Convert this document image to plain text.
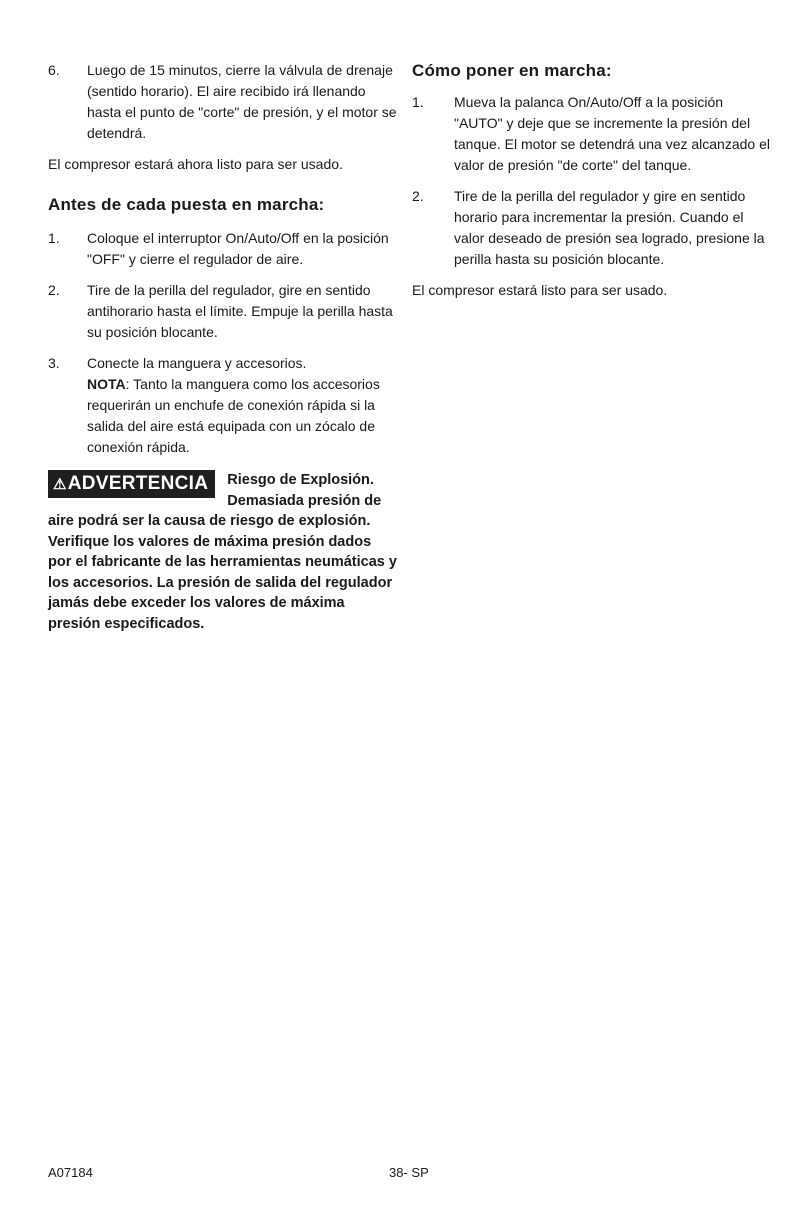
6.	Luego de 15 minutos, cierre la válvula de drenaje (sentido horario). El aire recibido irá llenando hasta el punto de "corte" de presión, y el motor se detendrá.

El compresor estará ahora listo para ser usado.

Antes de cada puesta en marcha:
1.	Coloque el interruptor On/Auto/Off en la posición "OFF" y cierre el regulador de aire.
2.	Tire de la perilla del regulador, gire en sentido antihorario hasta el límite. Empuje la perilla hasta su posición blocante.
3.	Conecte la manguera y accesorios.
NOTA: Tanto la manguera como los accesorios requerirán un enchufe de conexión rápida si la salida del aire está equipada con un zócalo de conexión rápida.
⚠ADVERTENCIA	Riesgo de Explosión. Demasiada presión de aire podrá ser la causa de riesgo de explosión. Verifique los valores de máxima presión dados por el fabricante de las herramientas neumáticas y los accesorios. La presión de salida del regulador jamás debe exceder los valores de máxima presión especificados.
Cómo poner en marcha:
1.	Mueva la palanca On/Auto/Off a la posición "AUTO" y deje que se incremente la presión del tanque. El motor se detendrá una vez alcanzado el valor de presión "de corte" del tanque.
2.	Tire de la perilla del regulador y gire en sentido horario para incrementar la presión. Cuando el valor deseado de presión sea logrado, presione la perilla hasta su posición blocante.

El compresor estará listo para ser usado.

A07184	38- SP
